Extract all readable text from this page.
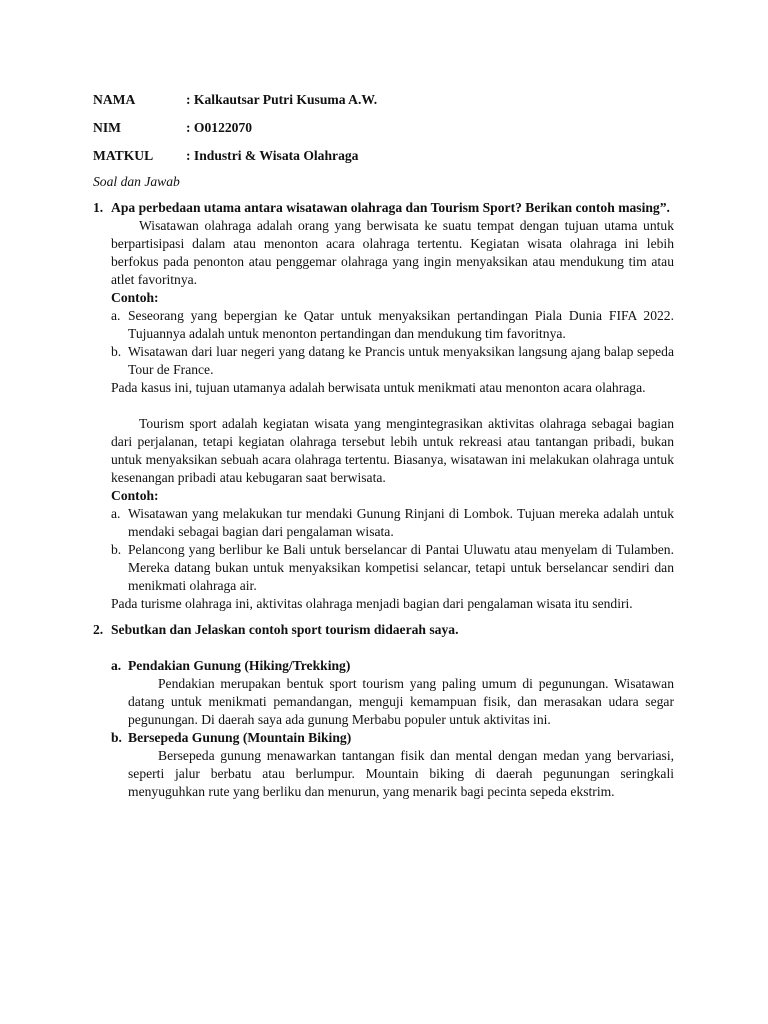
NAMA	: Kalkautsar Putri Kusuma A.W.
NIM	: O0122070
MATKUL	: Industri & Wisata Olahraga
Soal dan Jawab
1. Apa perbedaan utama antara wisatawan olahraga dan Tourism Sport? Berikan contoh masing”.
Wisatawan olahraga adalah orang yang berwisata ke suatu tempat dengan tujuan utama untuk berpartisipasi dalam atau menonton acara olahraga tertentu. Kegiatan wisata olahraga ini lebih berfokus pada penonton atau penggemar olahraga yang ingin menyaksikan atau mendukung tim atau atlet favoritnya.
Contoh:
a. Seseorang yang bepergian ke Qatar untuk menyaksikan pertandingan Piala Dunia FIFA 2022. Tujuannya adalah untuk menonton pertandingan dan mendukung tim favoritnya.
b. Wisatawan dari luar negeri yang datang ke Prancis untuk menyaksikan langsung ajang balap sepeda Tour de France.
Pada kasus ini, tujuan utamanya adalah berwisata untuk menikmati atau menonton acara olahraga.
Tourism sport adalah kegiatan wisata yang mengintegrasikan aktivitas olahraga sebagai bagian dari perjalanan, tetapi kegiatan olahraga tersebut lebih untuk rekreasi atau tantangan pribadi, bukan untuk menyaksikan sebuah acara olahraga tertentu. Biasanya, wisatawan ini melakukan olahraga untuk kesenangan pribadi atau kebugaran saat berwisata.
Contoh:
a. Wisatawan yang melakukan tur mendaki Gunung Rinjani di Lombok. Tujuan mereka adalah untuk mendaki sebagai bagian dari pengalaman wisata.
b. Pelancong yang berlibur ke Bali untuk berselancar di Pantai Uluwatu atau menyelam di Tulamben. Mereka datang bukan untuk menyaksikan kompetisi selancar, tetapi untuk berselancar sendiri dan menikmati olahraga air.
Pada turisme olahraga ini, aktivitas olahraga menjadi bagian dari pengalaman wisata itu sendiri.
2. Sebutkan dan Jelaskan contoh sport tourism didaerah saya.
a. Pendakian Gunung (Hiking/Trekking)
Pendakian merupakan bentuk sport tourism yang paling umum di pegunungan. Wisatawan datang untuk menikmati pemandangan, menguji kemampuan fisik, dan merasakan udara segar pegunungan. Di daerah saya ada gunung Merbabu populer untuk aktivitas ini.
b. Bersepeda Gunung (Mountain Biking)
Bersepeda gunung menawarkan tantangan fisik dan mental dengan medan yang bervariasi, seperti jalur berbatu atau berlumpur. Mountain biking di daerah pegunungan seringkali menyuguhkan rute yang berliku dan menurun, yang menarik bagi pecinta sepeda ekstrim.
